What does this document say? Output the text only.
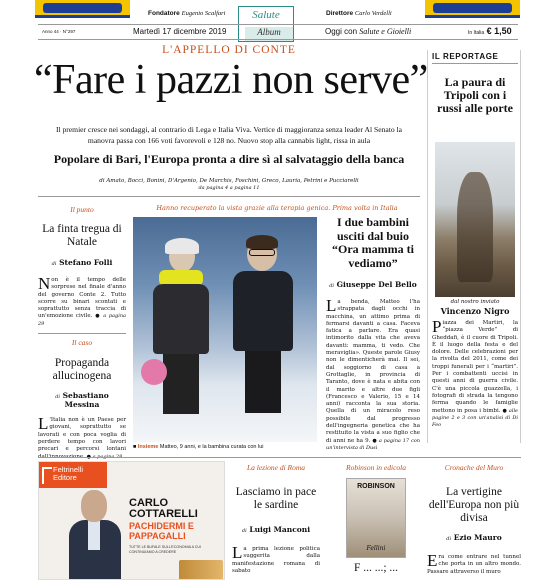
Fondatore Eugenio Scalfari	Direttore Carlo Verdelli
Salute
Album
Anno 44 · N°297	Martedì 17 dicembre 2019	Oggi con Salute e Gioielli	In Italia € 1,50
L'APPELLO DI CONTE
“Fare i pazzi non serve”
Il premier cresce nei sondaggi, al contrario di Lega e Italia Viva. Vertice di maggioranza senza leader Al Senato la manovra passa con 166 voti favorevoli e 128 no. Nuovo stop alla cannabis light, rissa in aula
Popolare di Bari, l'Europa pronta a dire sì al salvataggio della banca
di Amato, Bocci, Bonini, D'Argenio, De Marchis, Foschini, Greco, Lauria, Petrini e Pucciarelli
da pagina 4 a pagina 11
IL REPORTAGE
La paura di Tripoli con i russi alle porte
dal nostro inviato
Vincenzo Nigro
Piazza dei Martiri, la “piazza Verde” di Gheddafi, è il cuore di Tripoli. È il luogo della festa e del dolore. Delle celebrazioni per la rivolta del 2011, come dei troppi funerali per i “martiri”. Per i combattenti uccisi in questi anni di guerra civile. C'è una piccola guazzella, i fotografi di strada la tengono ferma quando le famiglie mettono in posa i bimbi. ● alle pagine 2 e 3 con un'analisi di Di Feo
Il punto
La finta tregua di Natale
di Stefano Folli
Non è il tempo delle sorprese nel finale d'anno del governo Conte 2. Tutto scorre su binari scontati e soprattutto senza traccia di un'emozione civile. ● a pagina 29
Il caso
Propaganda allucinogena
di Sebastiano Messina
L 'Italia non è un Paese per giovani, soprattutto se lavorati e con poca voglia di perdere tempo con lavori precari e percorsi lontani
Hanno recuperato la vista grazie alla terapia genica. Prima volta in Italia
■ Insieme Matteo, 9 anni, e la bambina curata con lui
I due bambini usciti dal buio “Ora mamma ti vediamo”
di Giuseppe Del Bello
La benda, Matteo l'ha strappata dagli occhi in macchina, un attimo prima di fermarsi davanti a casa. Faceva fatica a parlare. Era quasi intimorito dalla vita che aveva davanti: mamma, ti vedo. Che meraviglia». Queste parole Giusy non le dimenticherà mai. Il sei, dal soggiorno di casa a Grottaglie, in provincia di Taranto, dove è nata e abita con il marito e altre due figli (Francesco e Valerio, 15 e 14 anni) racconta la sua storia. Quella di un miracolo reso possibile dal progresso dell'ingegneria genetica che ha restituito la vista a suo figlio che di anni ne ha 9. ● a pagina 17 con un'intervista di Dusi
Feltrinelli Editore
CARLO COTTARELLI
PACHIDERMI E PAPPAGALLI
TUTTE LE BUFALE SULL'ECONOMIA A CUI CONTINUIAMO A CREDERE
La lezione di Roma
Lasciamo in pace le sardine
di Luigi Manconi
La prima lezione politica suggerita dalla manifestazione romana di sabato
Robinson in edicola
ROBINSON
Fellini
F ... ...; ...
Cronache del Muro
La vertigine dell'Europa non più divisa
di Ezio Mauro
Era come entrare nel tunnel che porta in un altro mondo. Passare attraverso il muro
